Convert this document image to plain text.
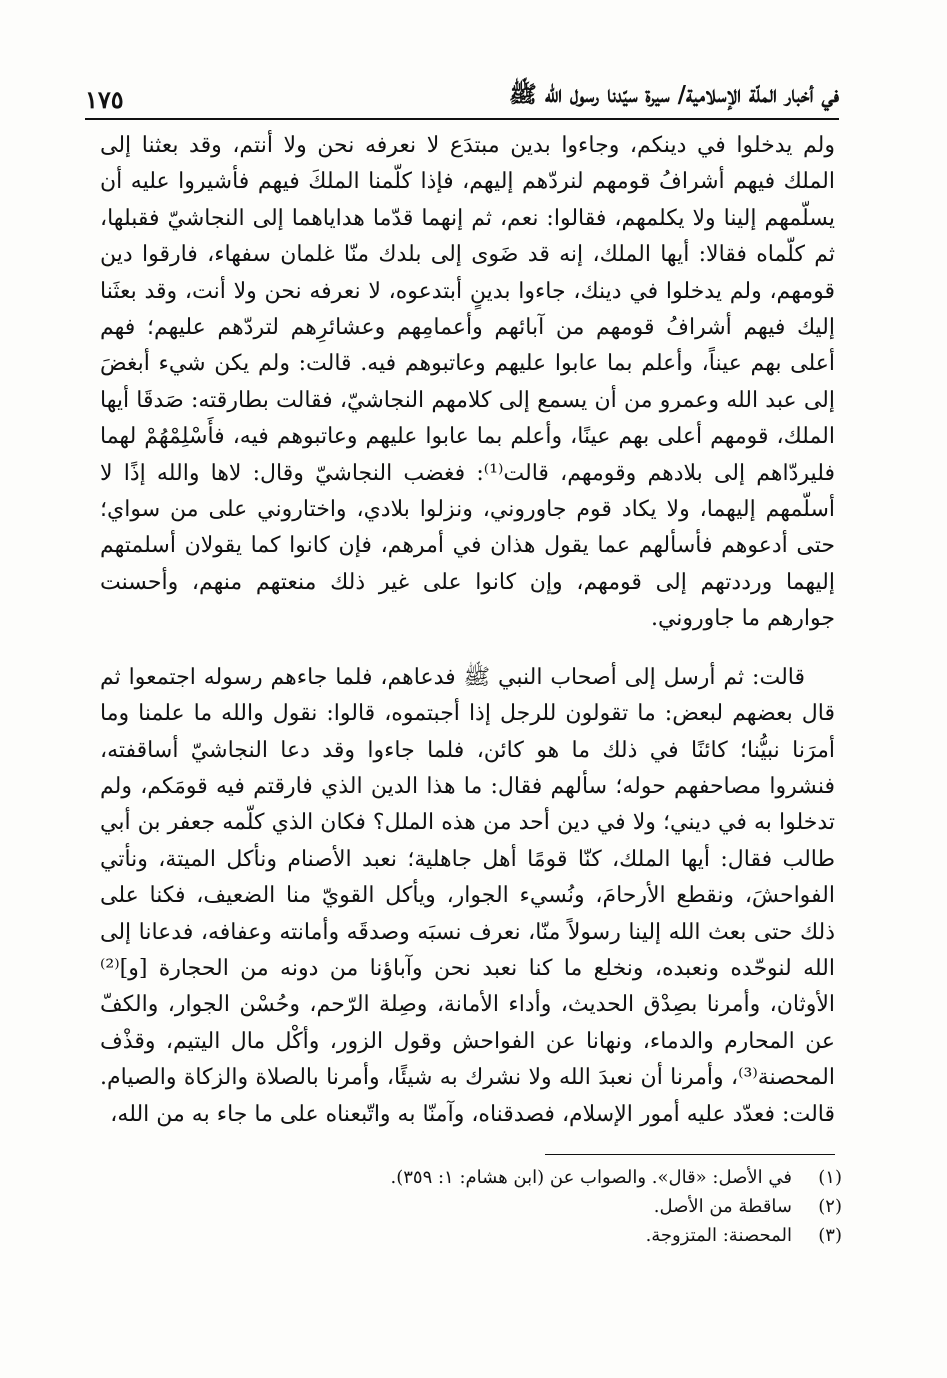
في أخبار الملّة الإسلامية/ سيرة سيّدنا رسول الله ﷺ
١٧٥

ولم يدخلوا في دينكم، وجاءوا بدين مبتدَع لا نعرفه نحن ولا أنتم، وقد بعثنا إلى الملك فيهم أشرافُ قومهم لنردّهم إليهم، فإذا كلّمنا الملكَ فيهم فأشيروا عليه أن يسلّمهم إلينا ولا يكلمهم، فقالوا: نعم، ثم إنهما قدّما هداياهما إلى النجاشيّ فقبلها، ثم كلّماه فقالا: أيها الملك، إنه قد ضَوى إلى بلدك منّا غلمان سفهاء، فارقوا دين قومهم، ولم يدخلوا في دينك، جاءوا بدينٍ أبتدعوه، لا نعرفه نحن ولا أنت، وقد بعثَنا إليك فيهم أشرافُ قومهم من آبائهم وأعمامِهم وعشائرِهم لتردّهم عليهم؛ فهم أعلى بهم عيناً، وأعلم بما عابوا عليهم وعاتبوهم فيه. قالت: ولم يكن شيء أبغضَ إلى عبد الله وعمرو من أن يسمع إلى كلامهم النجاشيّ، فقالت بطارقته: صَدقَا أيها الملك، قومهم أعلى بهم عينًا، وأعلم بما عابوا عليهم وعاتبوهم فيه، فأَسْلِمْهُمْ لهما فليردّاهم إلى بلادهم وقومهم، قالت⁽¹⁾: فغضب النجاشيّ وقال: لاها والله إذًا لا أسلّمهم إليهما، ولا يكاد قوم جاوروني، ونزلوا بلادي، واختاروني على من سواي؛ حتى أدعوهم فأسألهم عما يقول هذان في أمرهم، فإن كانوا كما يقولان أسلمتهم إليهما ورددتهم إلى قومهم، وإن كانوا على غير ذلك منعتهم منهم، وأحسنت جوارهم ما جاوروني.

قالت: ثم أرسل إلى أصحاب النبي ﷺ فدعاهم، فلما جاءهم رسوله اجتمعوا ثم قال بعضهم لبعض: ما تقولون للرجل إذا أجبتموه، قالوا: نقول والله ما علمنا وما أمرَنا نبيُّنا؛ كائنًا في ذلك ما هو كائن، فلما جاءوا وقد دعا النجاشيّ أساقفته، فنشروا مصاحفهم حوله؛ سألهم فقال: ما هذا الدين الذي فارقتم فيه قومَكم، ولم تدخلوا به في ديني؛ ولا في دين أحد من هذه الملل؟ فكان الذي كلّمه جعفر بن أبي طالب فقال: أيها الملك، كنّا قومًا أهل جاهلية؛ نعبد الأصنام ونأكل الميتة، ونأتي الفواحشَ، ونقطع الأرحامَ، ونُسيء الجوار، ويأكل القويّ منا الضعيف، فكنا على ذلك حتى بعث الله إلينا رسولاً منّا، نعرف نسبَه وصدقَه وأمانته وعفافه، فدعانا إلى الله لنوحّده ونعبده، ونخلع ما كنا نعبد نحن وآباؤنا من دونه من الحجارة [و]⁽²⁾ الأوثان، وأمرنا بصِدْق الحديث، وأداء الأمانة، وصِلة الرّحم، وحُسْن الجوار، والكفّ عن المحارم والدماء، ونهانا عن الفواحش وقول الزور، وأكْل مال اليتيم، وقذْف المحصنة⁽³⁾، وأمرنا أن نعبدَ الله ولا نشرك به شيئًا، وأمرنا بالصلاة والزكاة والصيام. قالت: فعدّد عليه أمور الإسلام، فصدقناه، وآمنّا به واتّبعناه على ما جاء به من الله،

(١)
في الأصل: «قال». والصواب عن (ابن هشام: ١: ٣٥٩).
(٢)
ساقطة من الأصل.
(٣)
المحصنة: المتزوجة.
